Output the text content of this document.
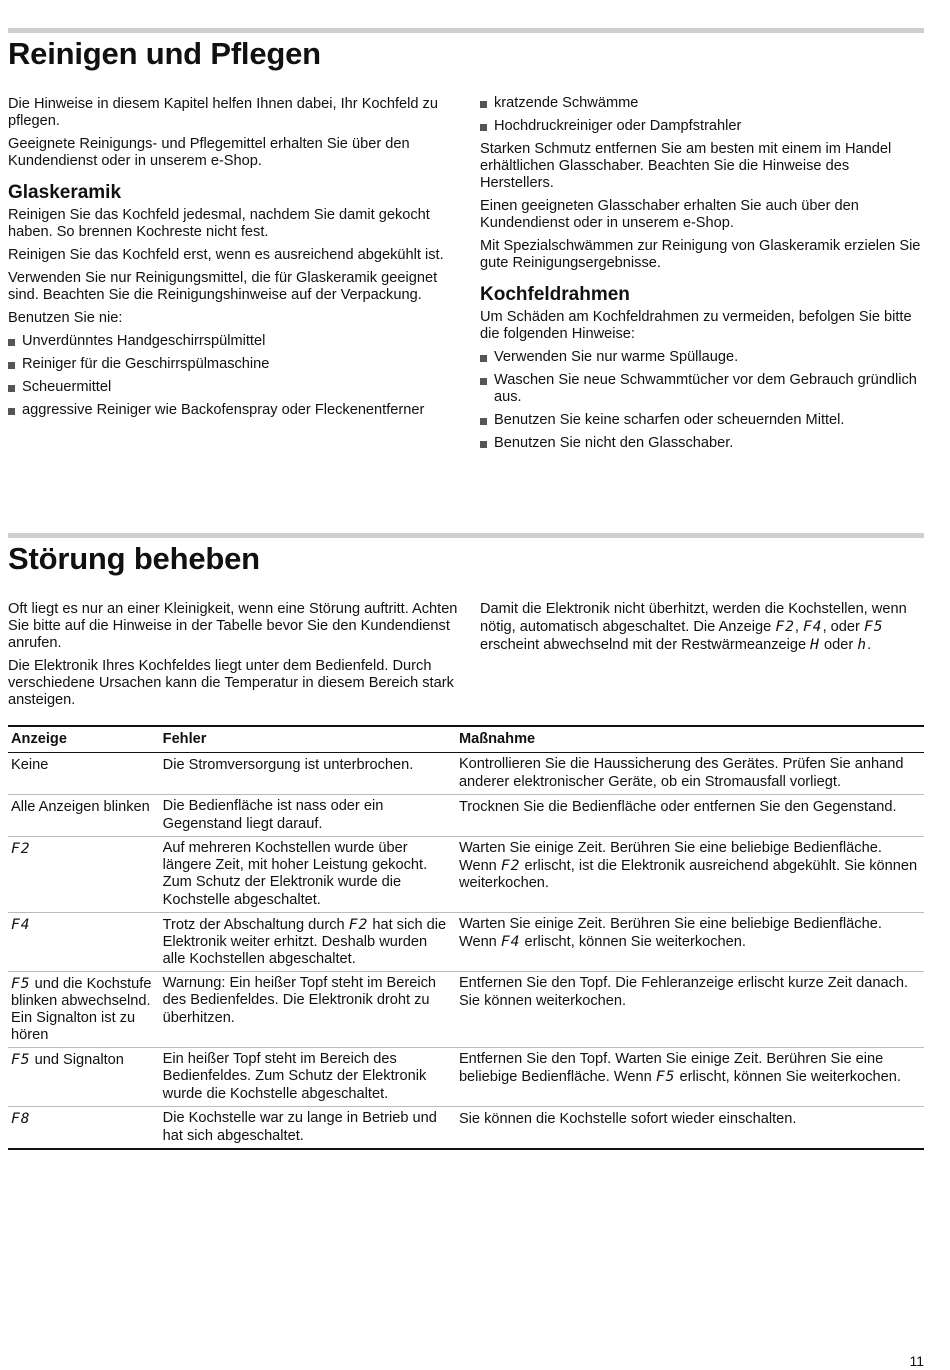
Reinigen und Pflegen

Die Hinweise in diesem Kapitel helfen Ihnen dabei, Ihr Kochfeld zu pflegen.

Geeignete Reinigungs- und Pflegemittel erhalten Sie über den Kundendienst oder in unserem e-Shop.

Glaskeramik

Reinigen Sie das Kochfeld jedesmal, nachdem Sie damit gekocht haben. So brennen Kochreste nicht fest.

Reinigen Sie das Kochfeld erst, wenn es ausreichend abgekühlt ist.

Verwenden Sie nur Reinigungsmittel, die für Glaskeramik geeignet sind. Beachten Sie die Reinigungshinweise auf der Verpackung.

Benutzen Sie nie:

Unverdünntes Handgeschirrspülmittel
Reiniger für die Geschirrspülmaschine
Scheuermittel
aggressive Reiniger wie Backofenspray oder Fleckenentferner
kratzende Schwämme
Hochdruckreiniger oder Dampfstrahler

Starken Schmutz entfernen Sie am besten mit einem im Handel erhältlichen Glasschaber. Beachten Sie die Hinweise des Herstellers.

Einen geeigneten Glasschaber erhalten Sie auch über den Kundendienst oder in unserem e-Shop.

Mit Spezialschwämmen zur Reinigung von Glaskeramik erzielen Sie gute Reinigungsergebnisse.

Kochfeldrahmen

Um Schäden am Kochfeldrahmen zu vermeiden, befolgen Sie bitte die folgenden Hinweise:

Verwenden Sie nur warme Spüllauge.
Waschen Sie neue Schwammtücher vor dem Gebrauch gründlich aus.
Benutzen Sie keine scharfen oder scheuernden Mittel.
Benutzen Sie nicht den Glasschaber.
Störung beheben

Oft liegt es nur an einer Kleinigkeit, wenn eine Störung auftritt. Achten Sie bitte auf die Hinweise in der Tabelle bevor Sie den Kundendienst anrufen.

Die Elektronik Ihres Kochfeldes liegt unter dem Bedienfeld. Durch verschiedene Ursachen kann die Temperatur in diesem Bereich stark ansteigen.

Damit die Elektronik nicht überhitzt, werden die Kochstellen, wenn nötig, automatisch abgeschaltet. Die Anzeige F2, F4, oder F5 erscheint abwechselnd mit der Restwärmeanzeige H oder h.

Anzeige	Fehler	Maßnahme
Keine	Die Stromversorgung ist unterbrochen.	Kontrollieren Sie die Haussicherung des Gerätes. Prüfen Sie anhand anderer elektronischer Geräte, ob ein Stromausfall vorliegt.
Alle Anzeigen blinken	Die Bedienfläche ist nass oder ein Gegenstand liegt darauf.	Trocknen Sie die Bedienfläche oder entfernen Sie den Gegenstand.
F2	Auf mehreren Kochstellen wurde über längere Zeit, mit hoher Leistung gekocht. Zum Schutz der Elektronik wurde die Kochstelle abgeschaltet.	Warten Sie einige Zeit. Berühren Sie eine beliebige Bedienfläche. Wenn F2 erlischt, ist die Elektronik ausreichend abgekühlt. Sie können weiterkochen.
F4	Trotz der Abschaltung durch F2 hat sich die Elektronik weiter erhitzt. Deshalb wurden alle Kochstellen abgeschaltet.	Warten Sie einige Zeit. Berühren Sie eine beliebige Bedienfläche. Wenn F4 erlischt, können Sie weiterkochen.
F5 und die Kochstufe blinken abwechselnd. Ein Signalton ist zu hören	Warnung: Ein heißer Topf steht im Bereich des Bedienfeldes. Die Elektronik droht zu überhitzen.	Entfernen Sie den Topf. Die Fehleranzeige erlischt kurze Zeit danach. Sie können weiterkochen.
F5 und Signalton	Ein heißer Topf steht im Bereich des Bedienfeldes. Zum Schutz der Elektronik wurde die Kochstelle abgeschaltet.	Entfernen Sie den Topf. Warten Sie einige Zeit. Berühren Sie eine beliebige Bedienfläche. Wenn F5 erlischt, können Sie weiterkochen.
F8	Die Kochstelle war zu lange in Betrieb und hat sich abgeschaltet.	Sie können die Kochstelle sofort wieder einschalten.
11
